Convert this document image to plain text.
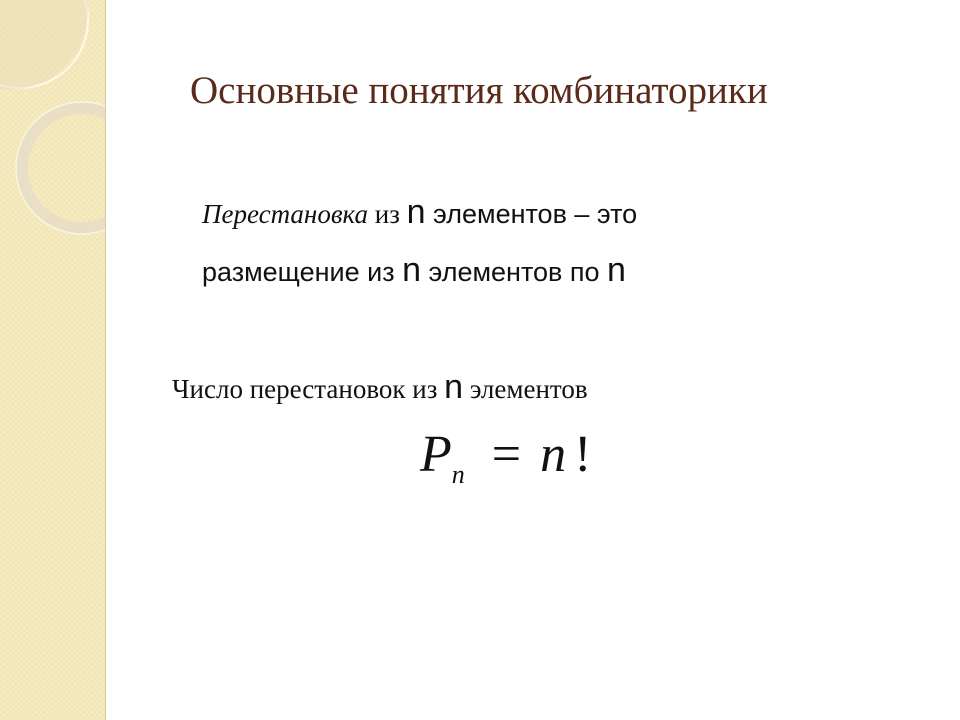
Основные понятия комбинаторики
Перестановка из n элементов – это
размещение из n элементов по n
Число перестановок из n элементов
$P_n = n$ !
